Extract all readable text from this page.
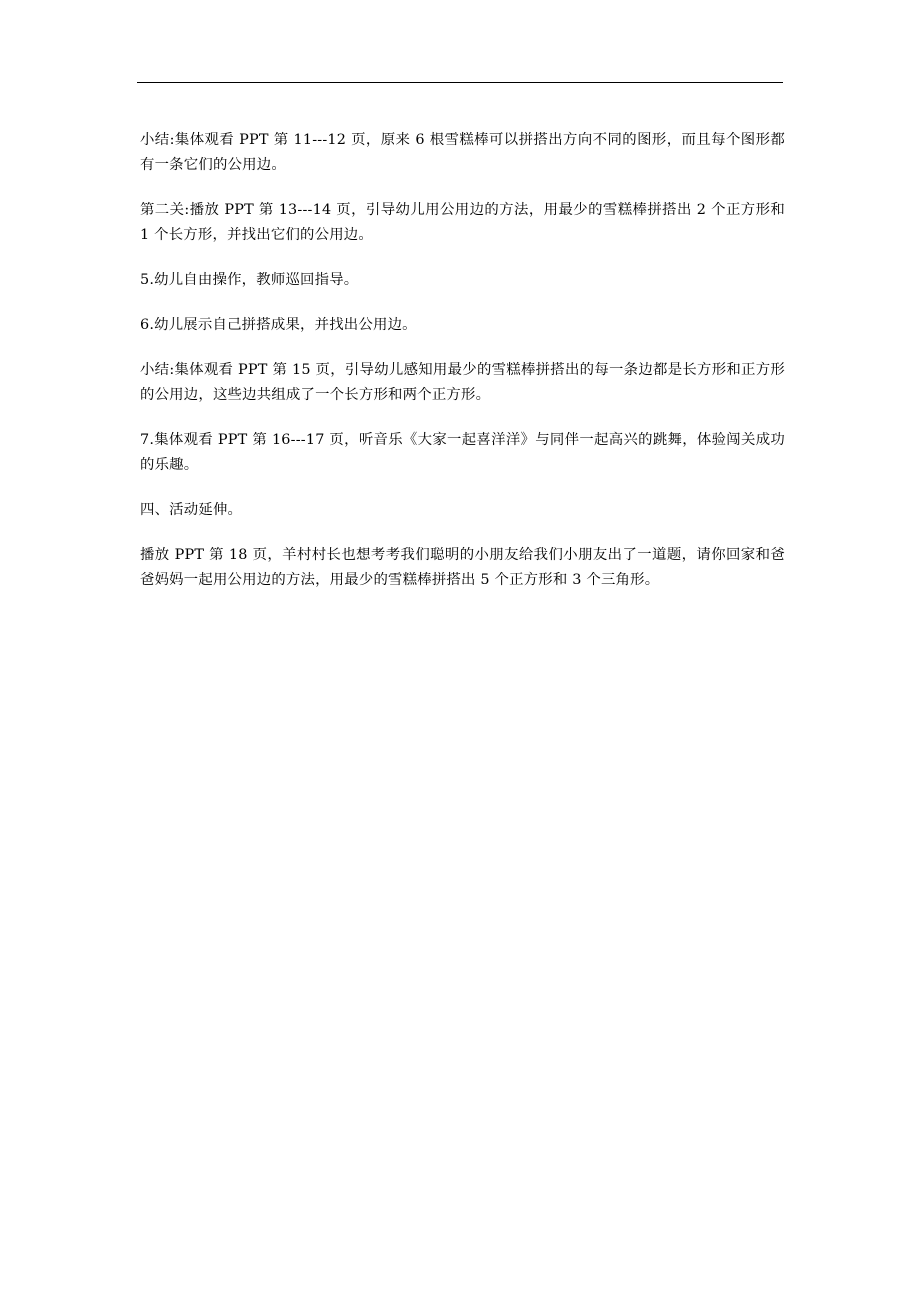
小结:集体观看 PPT 第 11---12 页，原来 6 根雪糕棒可以拼搭出方向不同的图形，而且每个图形都有一条它们的公用边。

第二关:播放 PPT 第 13---14 页，引导幼儿用公用边的方法，用最少的雪糕棒拼搭出 2 个正方形和 1 个长方形，并找出它们的公用边。

5.幼儿自由操作，教师巡回指导。

6.幼儿展示自己拼搭成果，并找出公用边。

小结:集体观看 PPT 第 15 页，引导幼儿感知用最少的雪糕棒拼搭出的每一条边都是长方形和正方形的公用边，这些边共组成了一个长方形和两个正方形。

7.集体观看 PPT 第 16---17 页，听音乐《大家一起喜洋洋》与同伴一起高兴的跳舞，体验闯关成功的乐趣。

四、活动延伸。

播放 PPT 第 18 页，羊村村长也想考考我们聪明的小朋友给我们小朋友出了一道题，请你回家和爸爸妈妈一起用公用边的方法，用最少的雪糕棒拼搭出 5 个正方形和 3 个三角形。
